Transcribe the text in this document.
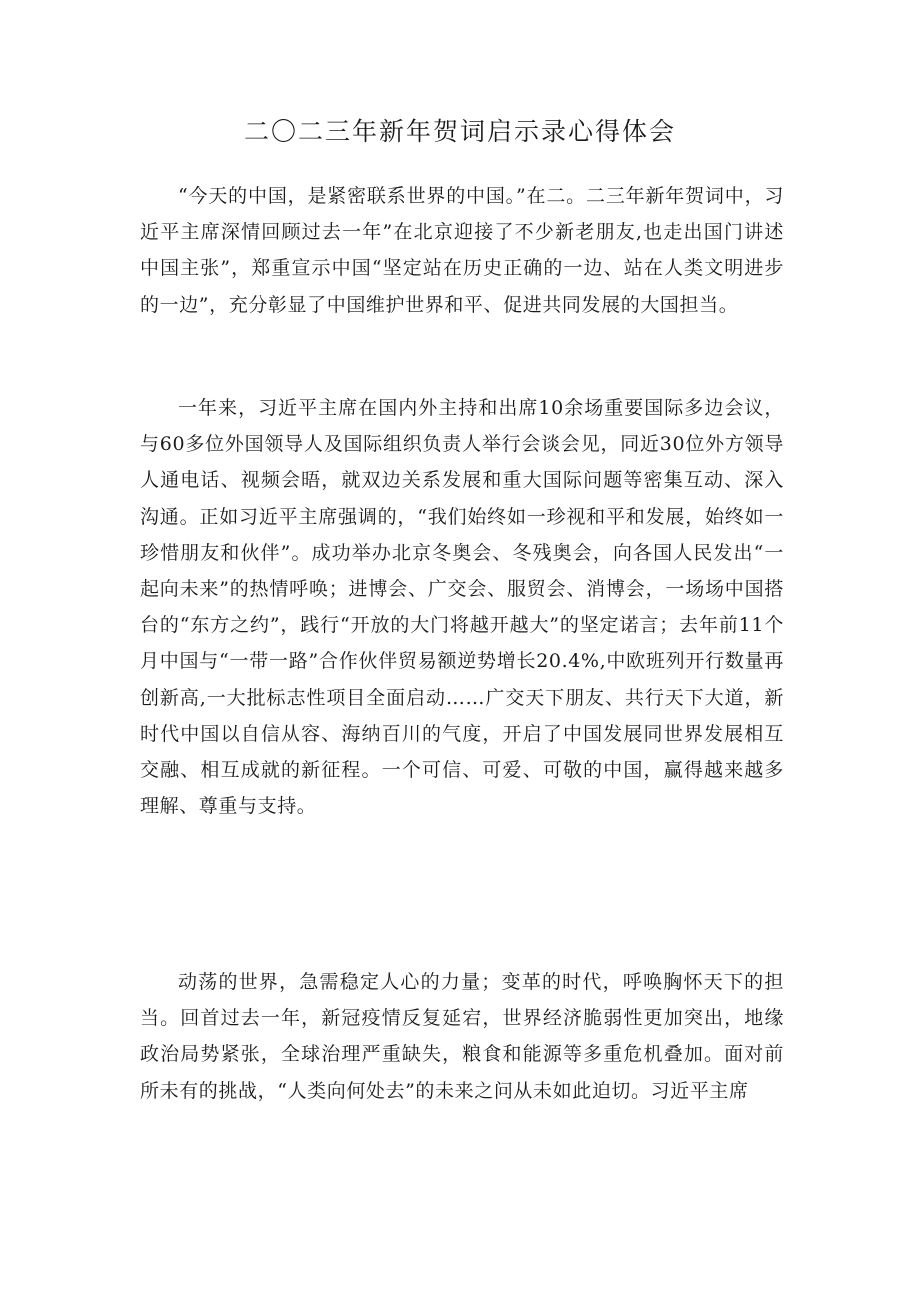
二〇二三年新年贺词启示录心得体会

“今天的中国，是紧密联系世界的中国。”在二。二三年新年贺词中，习近平主席深情回顾过去一年”在北京迎接了不少新老朋友,也走出国门讲述中国主张”，郑重宣示中国“坚定站在历史正确的一边、站在人类文明进步的一边”，充分彰显了中国维护世界和平、促进共同发展的大国担当。

一年来，习近平主席在国内外主持和出席10余场重要国际多边会议，与60多位外国领导人及国际组织负责人举行会谈会见，同近30位外方领导人通电话、视频会晤，就双边关系发展和重大国际问题等密集互动、深入沟通。正如习近平主席强调的，“我们始终如一珍视和平和发展，始终如一珍惜朋友和伙伴”。成功举办北京冬奥会、冬残奥会，向各国人民发出“一起向未来”的热情呼唤；进博会、广交会、服贸会、消博会，一场场中国搭台的“东方之约”，践行“开放的大门将越开越大”的坚定诺言；去年前11个月中国与“一带一路”合作伙伴贸易额逆势增长20.4%,中欧班列开行数量再创新高,一大批标志性项目全面启动……广交天下朋友、共行天下大道，新时代中国以自信从容、海纳百川的气度，开启了中国发展同世界发展相互交融、相互成就的新征程。一个可信、可爱、可敬的中国，赢得越来越多理解、尊重与支持。

动荡的世界，急需稳定人心的力量；变革的时代，呼唤胸怀天下的担当。回首过去一年，新冠疫情反复延宕，世界经济脆弱性更加突出，地缘政治局势紧张，全球治理严重缺失，粮食和能源等多重危机叠加。面对前所未有的挑战，“人类向何处去”的未来之问从未如此迫切。习近平主席
